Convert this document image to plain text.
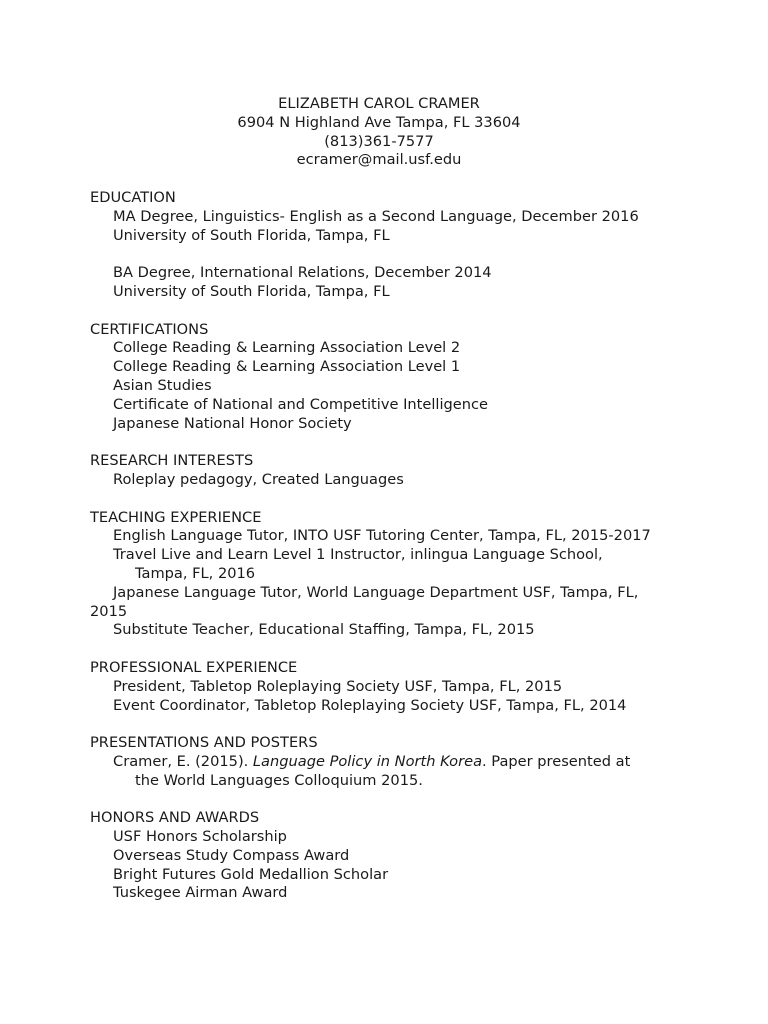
ELIZABETH CAROL CRAMER
6904 N Highland Ave Tampa, FL 33604
(813)361-7577
ecramer@mail.usf.edu
EDUCATION
MA Degree, Linguistics- English as a Second Language, December 2016
University of South Florida, Tampa, FL
BA Degree, International Relations, December 2014
University of South Florida, Tampa, FL
CERTIFICATIONS
College Reading & Learning Association Level 2
College Reading & Learning Association Level 1
Asian Studies
Certificate of National and Competitive Intelligence
Japanese National Honor Society
RESEARCH INTERESTS
Roleplay pedagogy, Created Languages
TEACHING EXPERIENCE
English Language Tutor, INTO USF Tutoring Center, Tampa, FL, 2015-2017
Travel Live and Learn Level 1 Instructor, inlingua Language School,
Tampa, FL, 2016
Japanese Language Tutor, World Language Department USF, Tampa, FL,
2015
Substitute Teacher, Educational Staffing, Tampa, FL, 2015
PROFESSIONAL EXPERIENCE
President, Tabletop Roleplaying Society USF, Tampa, FL, 2015
Event Coordinator, Tabletop Roleplaying Society USF, Tampa, FL, 2014
PRESENTATIONS AND POSTERS
Cramer, E. (2015). Language Policy in North Korea. Paper presented at
the World Languages Colloquium 2015.
HONORS AND AWARDS
USF Honors Scholarship
Overseas Study Compass Award
Bright Futures Gold Medallion Scholar
Tuskegee Airman Award
